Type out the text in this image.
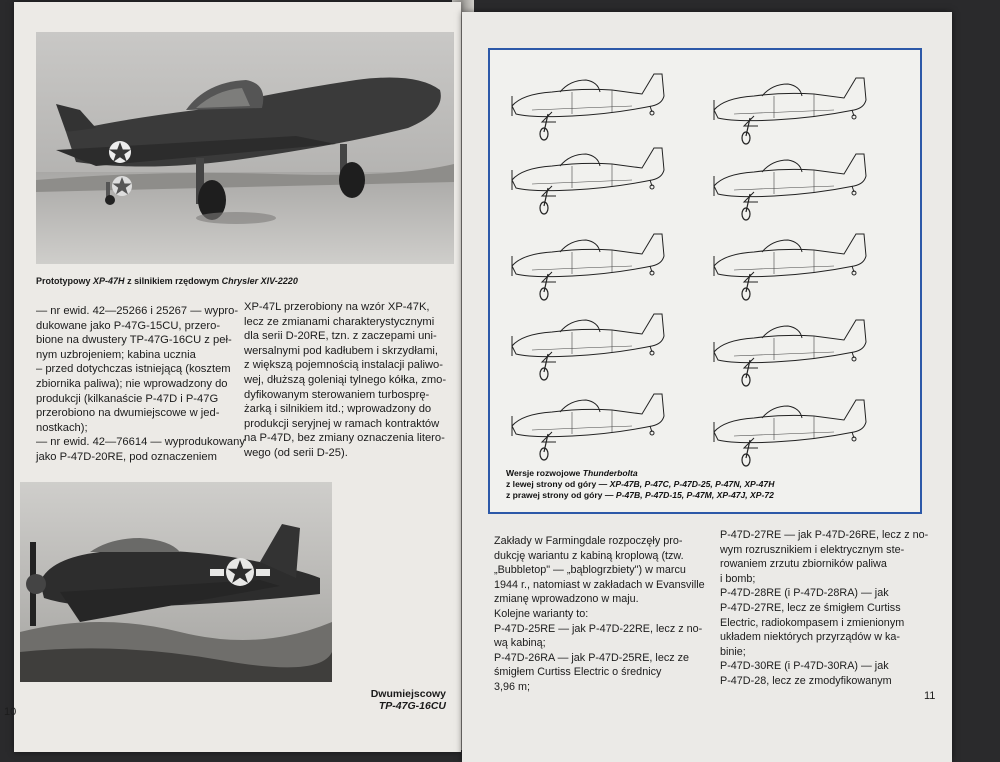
Prototypowy XP-47H z silnikiem rzędowym Chrysler XIV-2220

— nr ewid. 42—25266 i 25267 — wypro-

dukowane jako P-47G-15CU, przero-

bione na dwustery TP-47G-16CU z peł-

nym uzbrojeniem; kabina ucznia

– przed dotychczas istniejącą (kosztem

zbiornika paliwa); nie wprowadzony do

produkcji (kilkanaście P-47D i P-47G

przerobiono na dwumiejscowe w jed-

nostkach);

— nr ewid. 42—76614 — wyprodukowany

jako P-47D-20RE, pod oznaczeniem

XP-47L przerobiony na wzór XP-47K,

lecz ze zmianami charakterystycznymi

dla serii D-20RE, tzn. z zaczepami uni-

wersalnymi pod kadłubem i skrzydłami,

z większą pojemnością instalacji paliwo-

wej, dłuższą goleniąi tylnego kółka, zmo-

dyfikowanym sterowaniem turbosprę-

żarką i silnikiem itd.; wprowadzony do

produkcji seryjnej w ramach kontraktów

na P-47D, bez zmiany oznaczenia litero-

wego (od serii D-25).

Dwumiejscowy
TP-47G-16CU
10
Wersje rozwojowe Thunderbolta
z lewej strony od góry — XP-47B, P-47C, P-47D-25, P-47N, XP-47H
z prawej strony od góry — P-47B, P-47D-15, P-47M, XP-47J, XP-72

Zakłady w Farmingdale rozpoczęły pro-

dukcję wariantu z kabiną kroplową (tzw.

„Bubbletop" — „bąblogrzbiety") w marcu

1944 r., natomiast w zakładach w Evansville

zmianę wprowadzono w maju.

Kolejne warianty to:

P-47D-25RE — jak P-47D-22RE, lecz z no-

wą kabiną;

P-47D-26RA — jak P-47D-25RE, lecz ze

śmigłem Curtiss Electric o średnicy

3,96 m;

P-47D-27RE — jak P-47D-26RE, lecz z no-

wym rozrusznikiem i elektrycznym ste-

rowaniem zrzutu zbiorników paliwa

i bomb;

P-47D-28RE (i P-47D-28RA) — jak

P-47D-27RE, lecz ze śmigłem Curtiss

Electric, radiokompasem i zmienionym

układem niektórych przyrządów w ka-

binie;

P-47D-30RE (i P-47D-30RA) — jak

P-47D-28, lecz ze zmodyfikowanym

11
